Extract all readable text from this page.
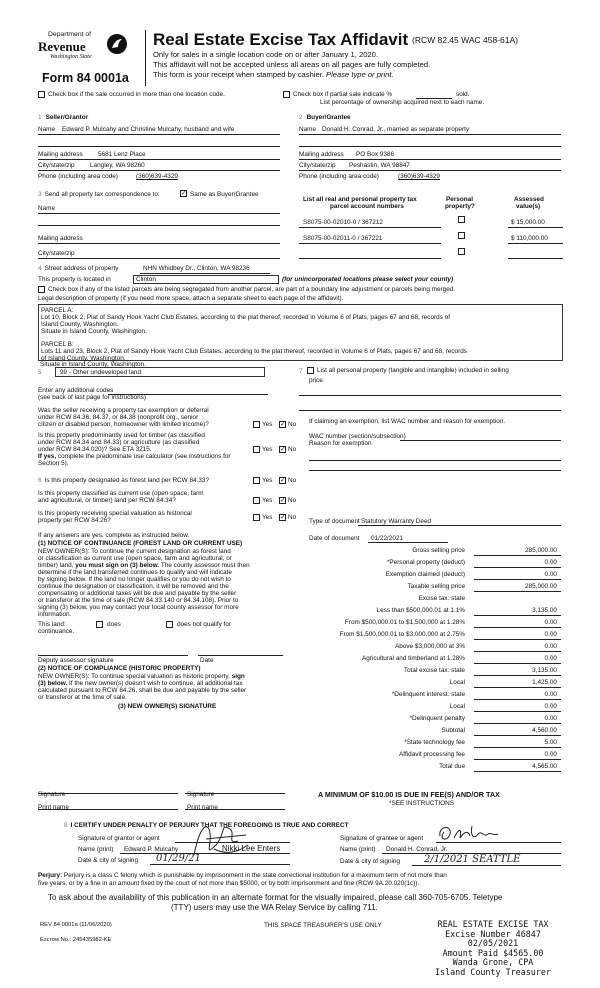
Department of
Revenue
Washington State
Form 84 0001a
Real Estate Excise Tax Affidavit (RCW 82.45 WAC 458-61A)
Only for sales in a single location code on or after January 1, 2020.
This affidavit will not be accepted unless all areas on all pages are fully completed.
This form is your receipt when stamped by cashier. Please type or print.
Check box if the sale occurred in more than one location code.	Check box if partial sale indicate %	sold.
List percentage of ownership acquired next to each name.
1 Seller/Grantor
Name Edward P. Mulcahy and Christine Mulcahy, husband and wife
Mailing address 5681 Lenz Place
City/state/zip Langley, WA 98260
Phone (including area code)	(360)639-4329
2 Buyer/Grantee
Name Donald H. Conrad, Jr., married as separate property
Mailing address PO Box 9386
City/state/zip Peshastin, WA 98847
Phone (including area code)	(360)639-4329
3 Send all property tax correspondence to:	✓ Same as Buyer/Grantee
Name
Mailing address
City/state/zip
List all real and personal property tax
parcel account numbers
Personal
property?
Assessed
value(s)
S8075-00-02010-0 / 367212	$ 15,000.00
S8075-00-02011-0 / 367221	$ 110,000.00
4 Street address of property	NHN Whidbey Dr., Clinton, WA 98236
This property is located in	Clinton	(for unincorporated locations please select your county)
Check box if any of the listed parcels are being segregated from another parcel, are part of a boundary line adjustment or parcels being merged.
Legal description of property (if you need more space, attach a separate sheet to each page of the affidavit).
PARCEL A:
Lot 10, Block 2, Plat of Sandy Hook Yacht Club Estates, according to the plat thereof, recorded in Volume 6 of Plats, pages 67 and 68, records of
Island County, Washington.
Situate in Island County, Washington.
PARCEL B:
Lots 11 and 23, Block 2, Plat of Sandy Hook Yacht Club Estates, according to the plat thereof, recorded in Volume 6 of Plats, pages 67 and 68, records
of Island County, Washington.
Situate in Island County, Washington.
5	99 - Other undeveloped land
Enter any additional codes
(see back of last page for instructions)
Was the seller receiving a property tax exemption or deferral
under RCW 84.36, 84.37, or 84.38 (nonprofit org., senior
citizen or disabled person, homeowner with limited income)?	Yes ✓ No
Is this property predominantly used for timber (as classified
under RCW 84.34 and 84.33) or agriculture (as classified
under RCW 84.34.020)? See ETA 3215.	Yes ✓ No
If yes, complete the predominate use calculator (see instructions for
Section 5).
6 Is this property designated as forest land per RCW 84.33?	Yes ✓ No
Is this property classified as current use (open space, farm
and agricultural, or timber) land per RCW 84.34?	Yes ✓ No
Is this property receiving special valuation as historical
property per RCW 84.26?	Yes ✓ No
If any answers are yes, complete as instructed below.
(1) NOTICE OF CONTINUANCE (FOREST LAND OR CURRENT USE)
NEW OWNER(S): To continue the current designation as forest land
or classification as current use (open space, farm and agricultural, or
timber) land, you must sign on (3) below. The county assessor must then
determine if the land transferred continues to qualify and will indicate
by signing below. If the land no longer qualifies or you do not wish to
continue the designation or classification, it will be removed and the
compensating or additional taxes will be due and payable by the seller
or transferor at the time of sale (RCW 84.33.140 or 84.34.108). Prior to
signing (3) below, you may contact your local county assessor for more
information.
This land:	does	does not qualify for
continuance.
Deputy assessor signature	Date
(2) NOTICE OF COMPLIANCE (HISTORIC PROPERTY)
NEW OWNER(S): To continue special valuation as historic property, sign
(3) below. If the new owner(s) doesn't wish to continue, all additional tax
calculated pursuant to RCW 84.26, shall be due and payable by the seller
or transferor at the time of sale.
(3) NEW OWNER(S) SIGNATURE
Signature	Signature
Print name	Print name
7 List all personal property (tangible and intangible) included in selling
price.
If claiming an exemption, list WAC number and reason for exemption.
WAC number (section/subsection)
Reason for exemption
Type of document Statutory Warranty Deed
Date of document 01/22/2021
Gross selling price	285,000.00
*Personal property (deduct)	0.00
Exemption claimed (deduct)	0.00
Taxable selling price	285,000.00
Excise tax: state
Less than $500,000.01 at 1.1%	3,135.00
From $500,000.01 to $1,500,000 at 1.28%	0.00
From $1,500,000.01 to $3,000,000 at 2.75%	0.00
Above $3,000,000 at 3%	0.00
Agricultural and timberland at 1.28%	0.00
Total excise tax: state	3,135.00
Local	1,425.00
*Delinquent interest: state	0.00
Local	0.00
*Delinquent penalty	0.00
Subtotal	4,560.00
*State technology fee	5.00
Affidavit processing fee	0.00
Total due	4,565.00
A MINIMUM OF $10.00 IS DUE IN FEE(S) AND/OR TAX
*SEE INSTRUCTIONS
8 I CERTIFY UNDER PENALTY OF PERJURY THAT THE FOREGOING IS TRUE AND CORRECT
Signature of grantor or agent
Name (print) Edward P. Mulcahy	Nikki Lee Enters
Date & city of signing 01/29/21
Signature of grantee or agent
Name (print) Donald H. Conrad, Jr.
Date & city of signing 2/1/2021 SEATTLE
Perjury: Perjury is a class C felony which is punishable by imprisonment in the state correctional institution for a maximum term of not more than
five years, or by a fine in an amount fixed by the court of not more than $5000, or by both imprisonment and fine (RCW 9A.20.020(1c)).
To ask about the availability of this publication in an alternate format for the visually impaired, please call 360-705-6705. Teletype
(TTY) users may use the WA Relay Service by calling 711.
REV 84 0001a (11/06/2020)	THIS SPACE TREASURER'S USE ONLY
Escrow No.: 245435982-KE
REAL ESTATE EXCISE TAX
Excise Number 46847
02/05/2021
Amount Paid $4565.00
Wanda Grone, CPA
Island County Treasurer
